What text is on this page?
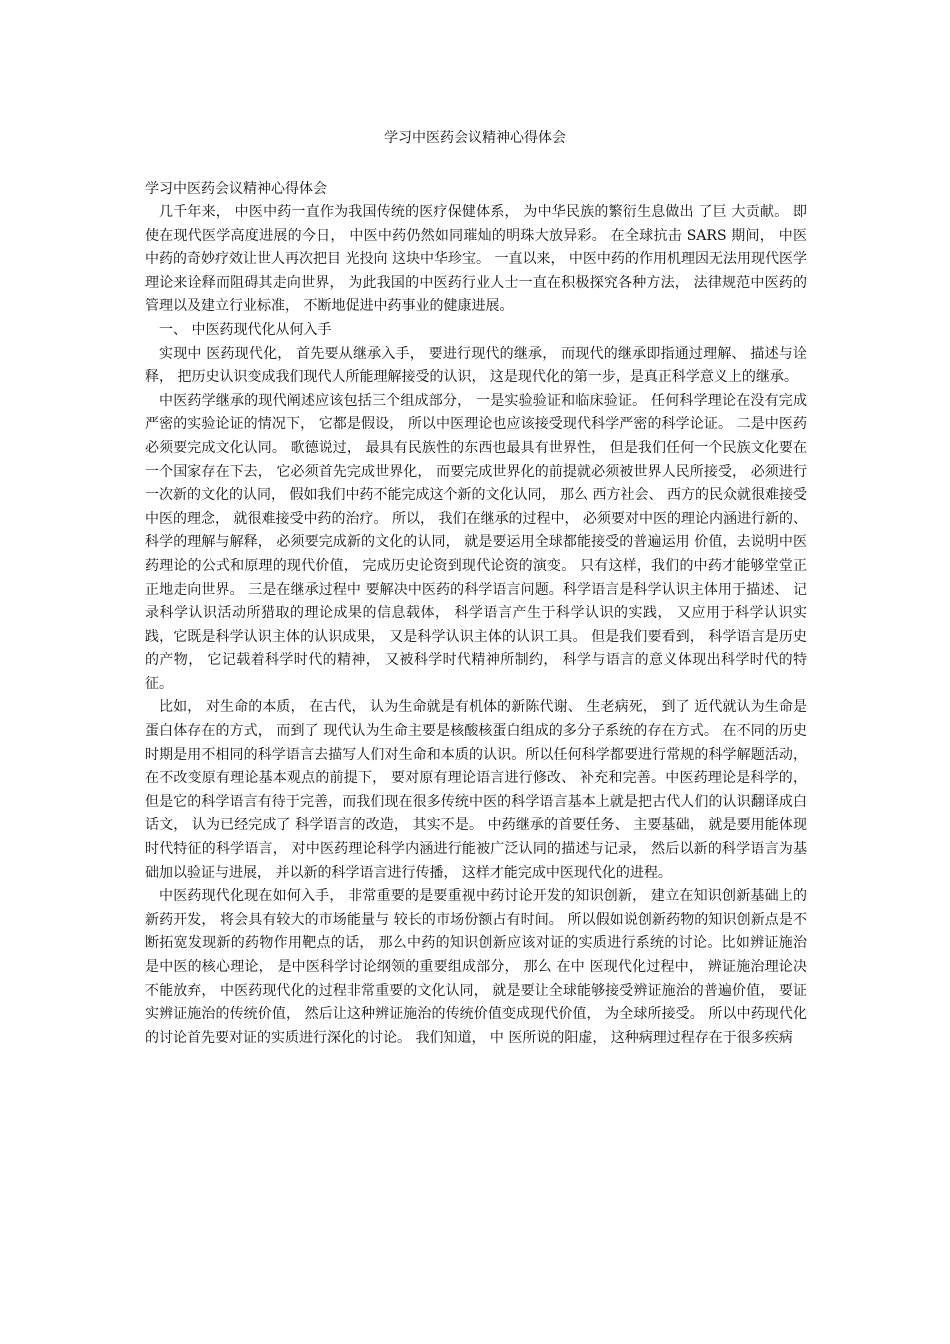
学习中医药会议精神心得体会

学习中医药会议精神心得体会

几千年来， 中医中药一直作为我国传统的医疗保健体系， 为中华民族的繁衍生息做出 了巨 大贡献。 即使在现代医学高度进展的今日， 中医中药仍然如同璀灿的明珠大放异彩。 在全球抗击 SARS 期间， 中医中药的奇妙疗效让世人再次把目 光投向 这块中华珍宝。 一直以来， 中医中药的作用机理因无法用现代医学理论来诠释而阻碍其走向世界， 为此我国的中医药行业人士一直在积极探究各种方法， 法律规范中医药的管理以及建立行业标准， 不断地促进中药事业的健康进展。

一、 中医药现代化从何入手

实现中 医药现代化， 首先要从继承入手， 要进行现代的继承， 而现代的继承即指通过理解、 描述与诠释， 把历史认识变成我们现代人所能理解接受的认识， 这是现代化的第一步，是真正科学意义上的继承。

中医药学继承的现代阐述应该包括三个组成部分， 一是实验验证和临床验证。 任何科学理论在没有完成严密的实验论证的情况下， 它都是假设， 所以中医理论也应该接受现代科学严密的科学论证。 二是中医药必须要完成文化认同。 歌德说过， 最具有民族性的东西也最具有世界性， 但是我们任何一个民族文化要在一个国家存在下去， 它必须首先完成世界化， 而要完成世界化的前提就必须被世界人民所接受， 必须进行一次新的文化的认同， 假如我们中药不能完成这个新的文化认同， 那么 西方社会、 西方的民众就很难接受中医的理念， 就很难接受中药的治疗。 所以， 我们在继承的过程中， 必须要对中医的理论内涵进行新的、 科学的理解与解释， 必须要完成新的文化的认同， 就是要运用全球都能接受的普遍运用 价值，去说明中医药理论的公式和原理的现代价值， 完成历史论资到现代论资的演变。 只有这样，我们的中药才能够堂堂正正地走向世界。 三是在继承过程中 要解决中医药的科学语言问题。科学语言是科学认识主体用于描述、 记录科学认识活动所猎取的理论成果的信息载体， 科学语言产生于科学认识的实践， 又应用于科学认识实践，它既是科学认识主体的认识成果， 又是科学认识主体的认识工具。 但是我们要看到， 科学语言是历史的产物， 它记载着科学时代的精神， 又被科学时代精神所制约， 科学与语言的意义体现出科学时代的特征。

比如， 对生命的本质， 在古代， 认为生命就是有机体的新陈代谢、 生老病死， 到了 近代就认为生命是蛋白体存在的方式， 而到了 现代认为生命主要是核酸核蛋白组成的多分子系统的存在方式。 在不同的历史时期是用不相同的科学语言去描写人们对生命和本质的认识。所以任何科学都要进行常规的科学解题活动， 在不改变原有理论基本观点的前提下， 要对原有理论语言进行修改、 补充和完善。中医药理论是科学的， 但是它的科学语言有待于完善，而我们现在很多传统中医的科学语言基本上就是把古代人们的认识翻译成白话文， 认为已经完成了 科学语言的改造， 其实不是。 中药继承的首要任务、 主要基础， 就是要用能体现时代特征的科学语言， 对中医药理论科学内涵进行能被广泛认同的描述与记录， 然后以新的科学语言为基础加以验证与进展， 并以新的科学语言进行传播， 这样才能完成中医现代化的进程。

中医药现代化现在如何入手， 非常重要的是要重视中药讨论开发的知识创新， 建立在知识创新基础上的新药开发， 将会具有较大的市场能量与 较长的市场份额占有时间。 所以假如说创新药物的知识创新点是不断拓宽发现新的药物作用靶点的话， 那么中药的知识创新应该对证的实质进行系统的讨论。比如辨证施治是中医的核心理论， 是中医科学讨论纲领的重要组成部分， 那么 在中 医现代化过程中， 辨证施治理论决不能放弃， 中医药现代化的过程非常重要的文化认同， 就是要让全球能够接受辨证施治的普遍价值， 要证实辨证施治的传统价值， 然后让这种辨证施治的传统价值变成现代价值， 为全球所接受。 所以中药现代化的讨论首先要对证的实质进行深化的讨论。 我们知道， 中 医所说的阳虚， 这种病理过程存在于很多疾病
